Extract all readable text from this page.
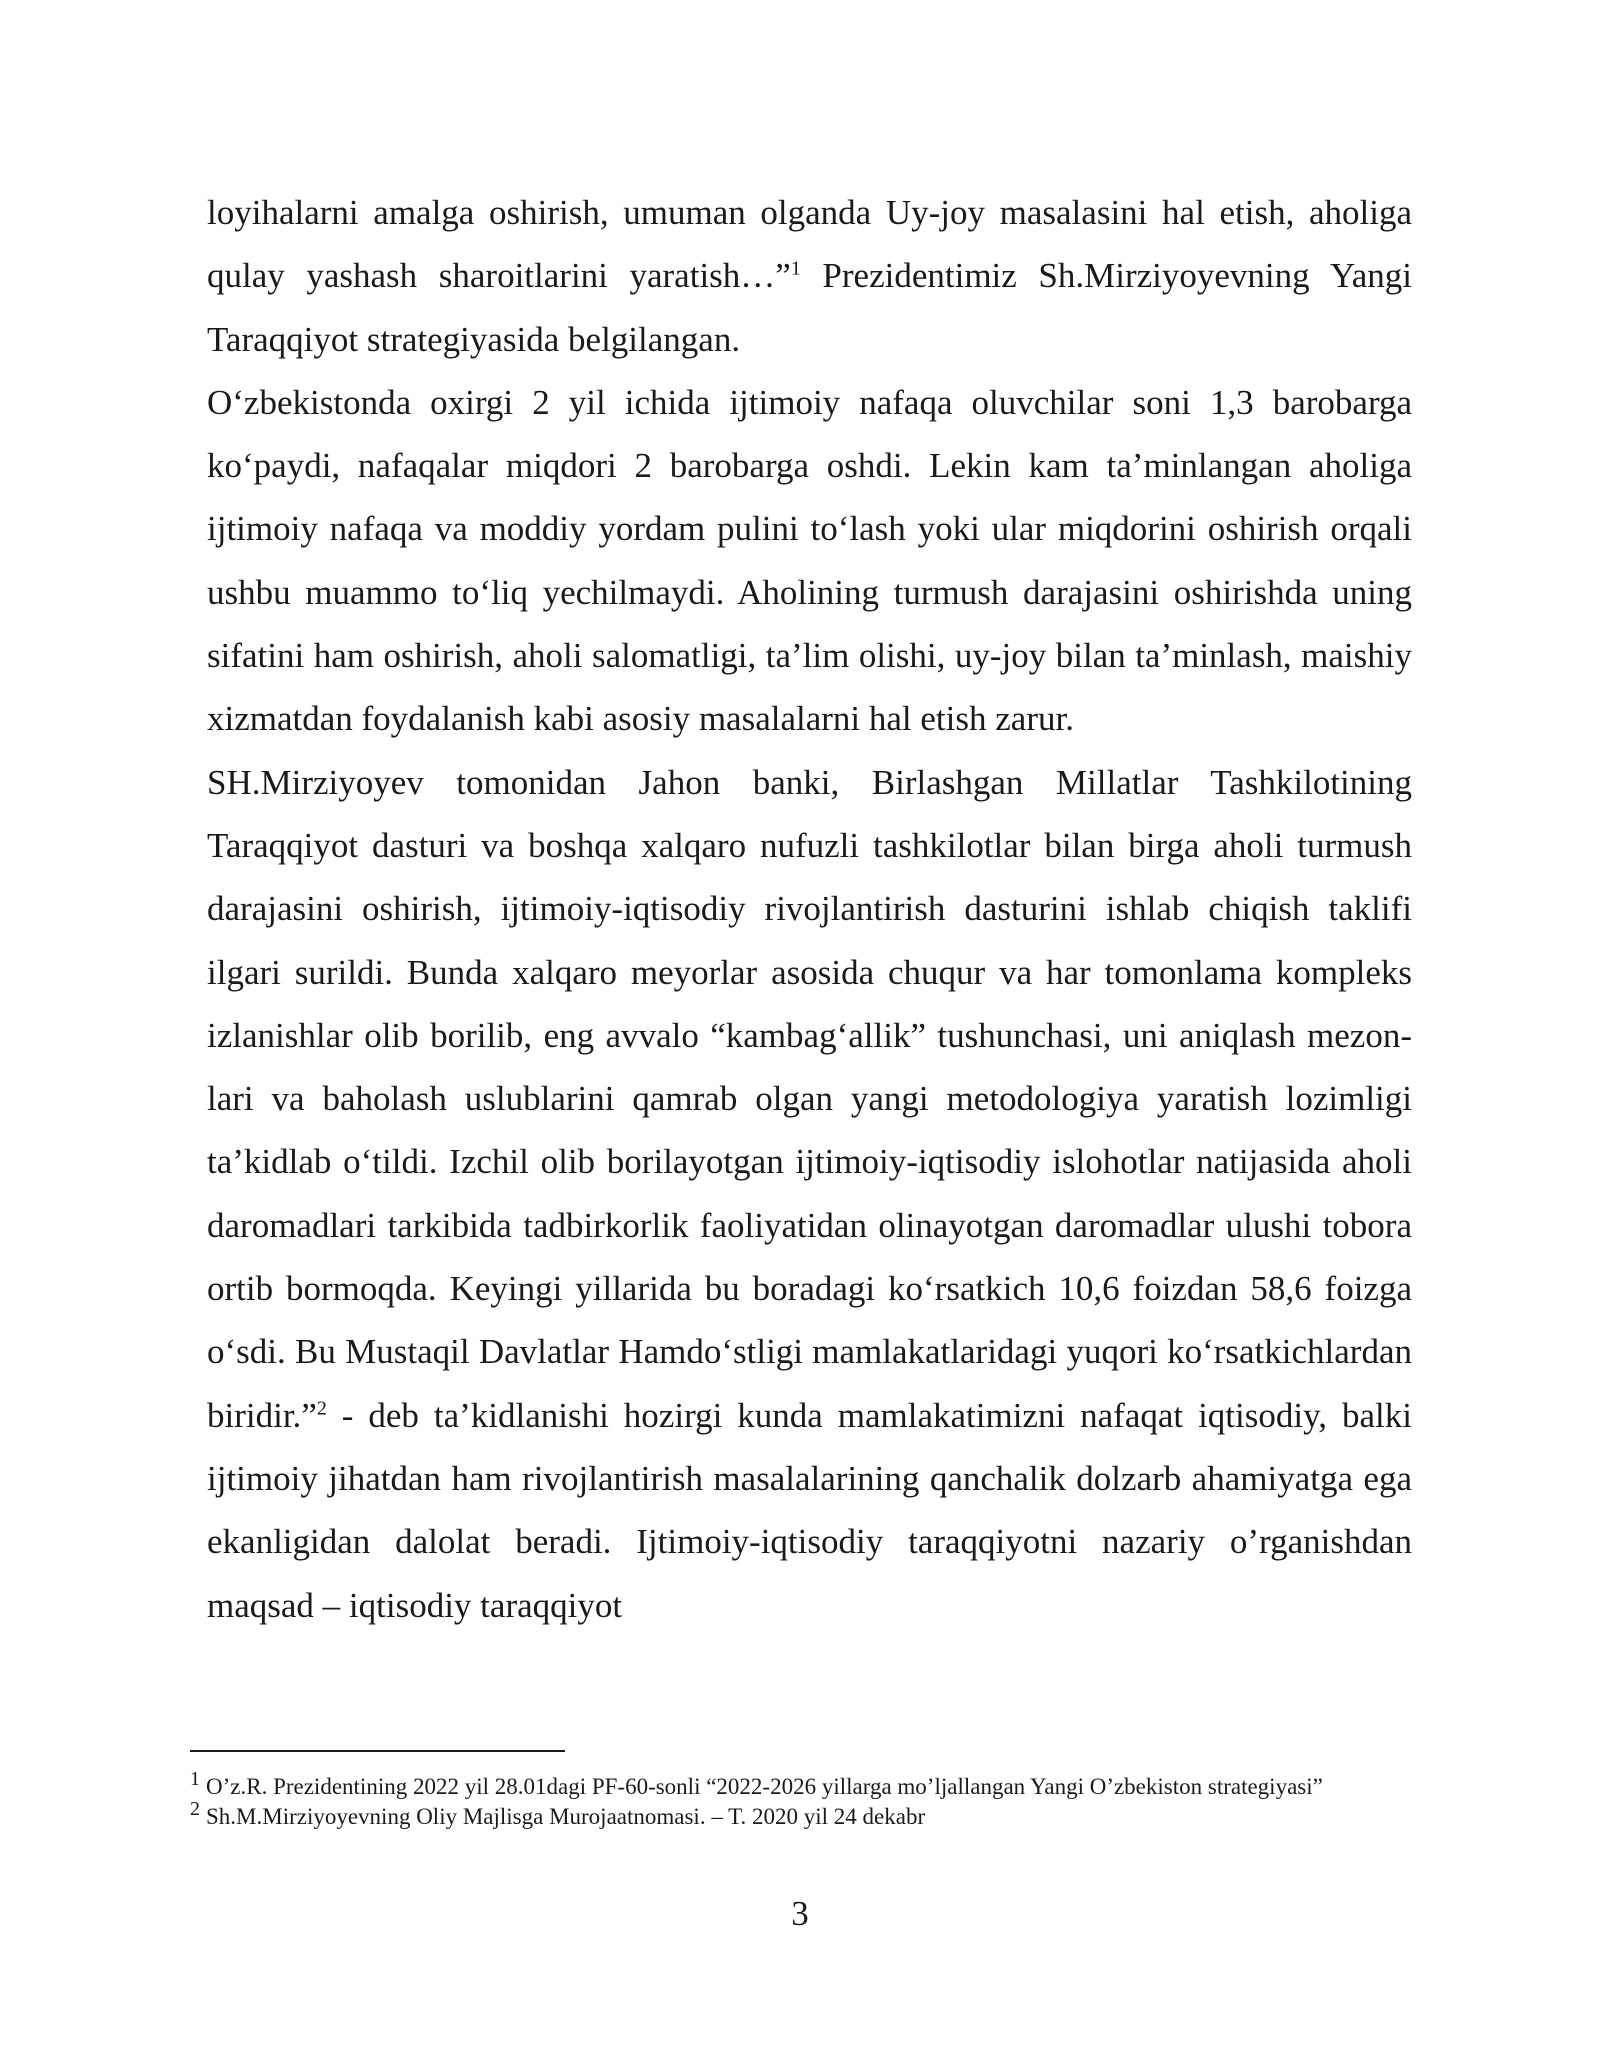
loyihalarni amalga oshirish, umuman olganda Uy-joy masalasini hal etish, aholiga qulay yashash sharoitlarini yaratish…”$^1$ Prezidentimiz Sh.Mirziyoyevning Yangi Taraqqiyot strategiyasida belgilangan.

O‘zbekistonda oxirgi 2 yil ichida ijtimoiy nafaqa oluvchilar soni 1,3 barobarga ko‘paydi, nafaqalar miqdori 2 barobarga oshdi. Lekin kam ta’minlangan aholiga ijtimoiy nafaqa va moddiy yordam pulini to‘lash yoki ular miqdorini oshirish orqali ushbu muammo to‘liq yechilmaydi. Aholining turmush darajasini oshirishda uning sifatini ham oshirish, aholi salomatligi, ta’lim olishi, uy-joy bilan ta’minlash, maishiy xizmatdan foydalanish kabi asosiy masalalarni hal etish zarur.

SH.Mirziyoyev tomonidan Jahon banki, Birlashgan Millatlar Tashkilotining Taraqqiyot dasturi va boshqa xalqaro nufuzli tashkilotlar bilan birga aholi turmush darajasini oshirish, ijtimoiy-iqtisodiy rivojlantirish dasturini ishlab chiqish taklifi ilgari surildi. Bunda xalqaro meyorlar asosida chuqur va har tomonlama kompleks izlanishlar olib borilib, eng avvalo “kambag‘allik” tushunchasi, uni aniqlash mezon-lari va baholash uslublarini qamrab olgan yangi metodologiya yaratish lozimligi ta’kidlab o‘tildi. Izchil olib borilayotgan ijtimoiy-iqtisodiy islohotlar natijasida aholi daromadlari tarkibida tadbirkorlik faoliyatidan olinayotgan daromadlar ulushi tobora ortib bormoqda. Keyingi yillarida bu boradagi ko‘rsatkich 10,6 foizdan 58,6 foizga o‘sdi. Bu Mustaqil Davlatlar Hamdo‘stligi mamlakatlaridagi yuqori ko‘rsatkichlardan biridir.”$^2$ - deb ta’kidlanishi hozirgi kunda mamlakatimizni nafaqat iqtisodiy, balki ijtimoiy jihatdan ham rivojlantirish masalalarining qanchalik dolzarb ahamiyatga ega ekanligidan dalolat beradi. Ijtimoiy-iqtisodiy taraqqiyotni nazariy o’rganishdan maqsad – iqtisodiy taraqqiyot

$^1$ O’z.R. Prezidentining 2022 yil 28.01dagi PF-60-sonli “2022-2026 yillarga mo’ljallangan Yangi O’zbekiston strategiyasi”

$^2$ Sh.M.Mirziyoyevning Oliy Majlisga Murojaatnomasi. – T. 2020 yil 24 dekabr

3
